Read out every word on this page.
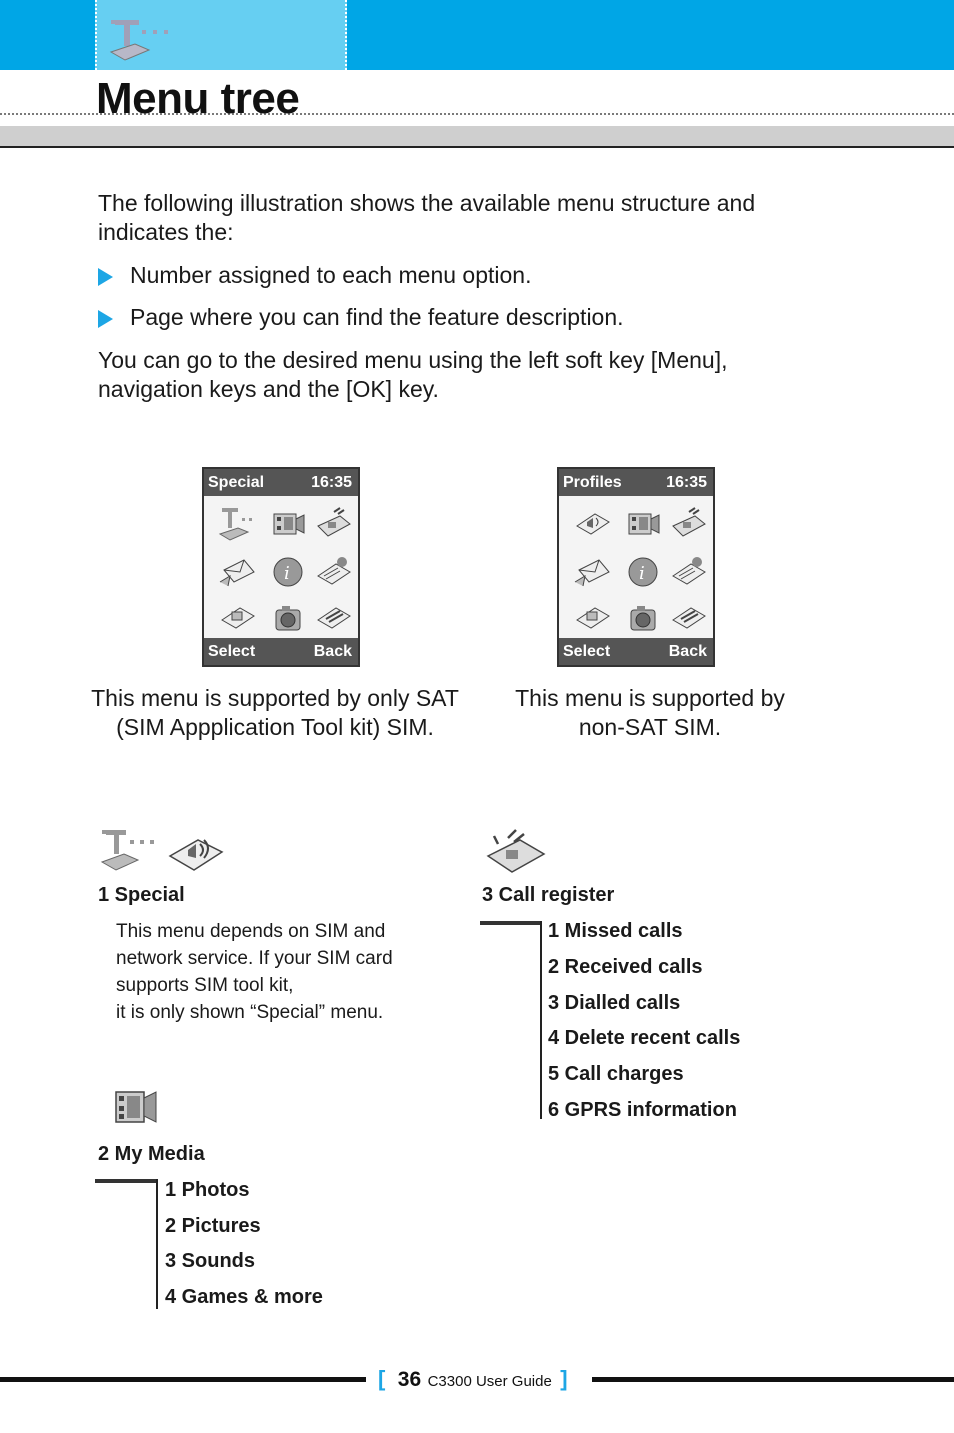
Menu tree
The following illustration shows the available menu structure and
indicates the:
Number assigned to each menu option.
Page where you can find the feature description.
You can go to the desired menu using the left soft key [Menu],
navigation keys and the [OK] key.
Special	16:35
i
Select	Back
Profiles	16:35
i
Select	Back
This menu is supported by only SAT
(SIM Appplication Tool kit) SIM.
This menu is supported by
non-SAT SIM.
1 Special
This menu depends on SIM and
network service. If your SIM card
supports SIM tool kit,
it is only shown “Special” menu.
2 My Media
1 Photos
2 Pictures
3 Sounds
4 Games & more
3 Call register
1 Missed calls
2 Received calls
3 Dialled calls
4 Delete recent calls
5 Call charges
6 GPRS information
[ 36 C3300 User Guide ]
